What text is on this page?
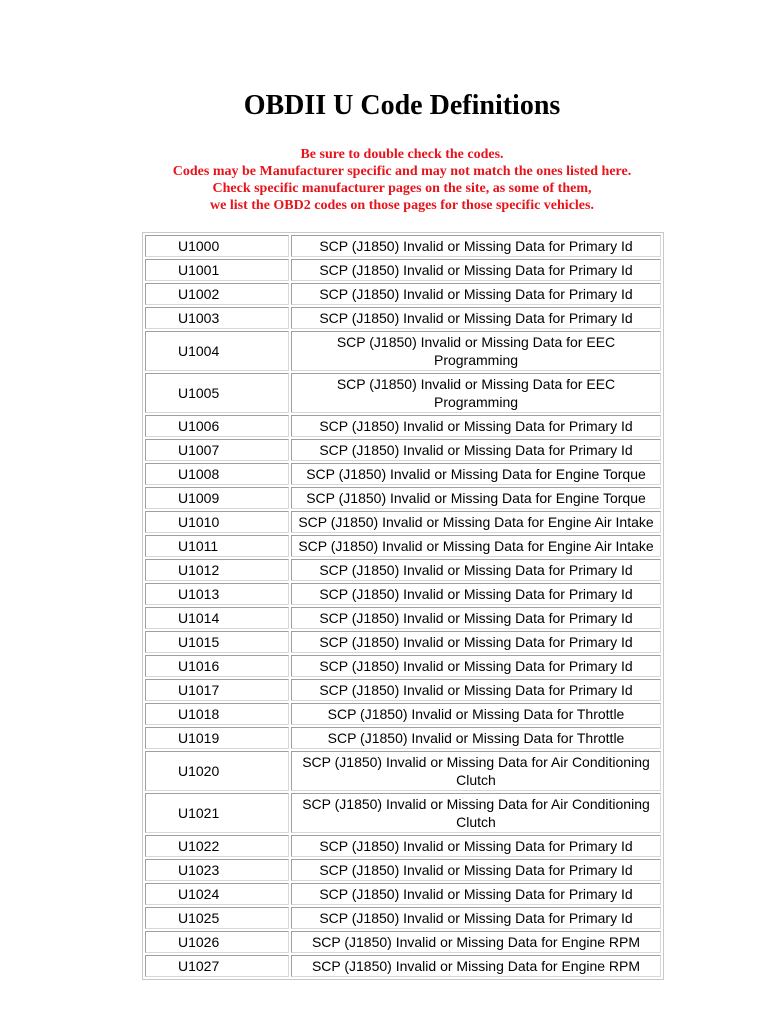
OBDII U Code Definitions
Be sure to double check the codes.
Codes may be Manufacturer specific and may not match the ones listed here.
Check specific manufacturer pages on the site, as some of them,
we list the OBD2 codes on those pages for those specific vehicles.
U1000	SCP (J1850) Invalid or Missing Data for Primary Id
U1001	SCP (J1850) Invalid or Missing Data for Primary Id
U1002	SCP (J1850) Invalid or Missing Data for Primary Id
U1003	SCP (J1850) Invalid or Missing Data for Primary Id
U1004	SCP (J1850) Invalid or Missing Data for EEC Programming
U1005	SCP (J1850) Invalid or Missing Data for EEC Programming
U1006	SCP (J1850) Invalid or Missing Data for Primary Id
U1007	SCP (J1850) Invalid or Missing Data for Primary Id
U1008	SCP (J1850) Invalid or Missing Data for Engine Torque
U1009	SCP (J1850) Invalid or Missing Data for Engine Torque
U1010	SCP (J1850) Invalid or Missing Data for Engine Air Intake
U1011	SCP (J1850) Invalid or Missing Data for Engine Air Intake
U1012	SCP (J1850) Invalid or Missing Data for Primary Id
U1013	SCP (J1850) Invalid or Missing Data for Primary Id
U1014	SCP (J1850) Invalid or Missing Data for Primary Id
U1015	SCP (J1850) Invalid or Missing Data for Primary Id
U1016	SCP (J1850) Invalid or Missing Data for Primary Id
U1017	SCP (J1850) Invalid or Missing Data for Primary Id
U1018	SCP (J1850) Invalid or Missing Data for Throttle
U1019	SCP (J1850) Invalid or Missing Data for Throttle
U1020	SCP (J1850) Invalid or Missing Data for Air Conditioning Clutch
U1021	SCP (J1850) Invalid or Missing Data for Air Conditioning Clutch
U1022	SCP (J1850) Invalid or Missing Data for Primary Id
U1023	SCP (J1850) Invalid or Missing Data for Primary Id
U1024	SCP (J1850) Invalid or Missing Data for Primary Id
U1025	SCP (J1850) Invalid or Missing Data for Primary Id
U1026	SCP (J1850) Invalid or Missing Data for Engine RPM
U1027	SCP (J1850) Invalid or Missing Data for Engine RPM
